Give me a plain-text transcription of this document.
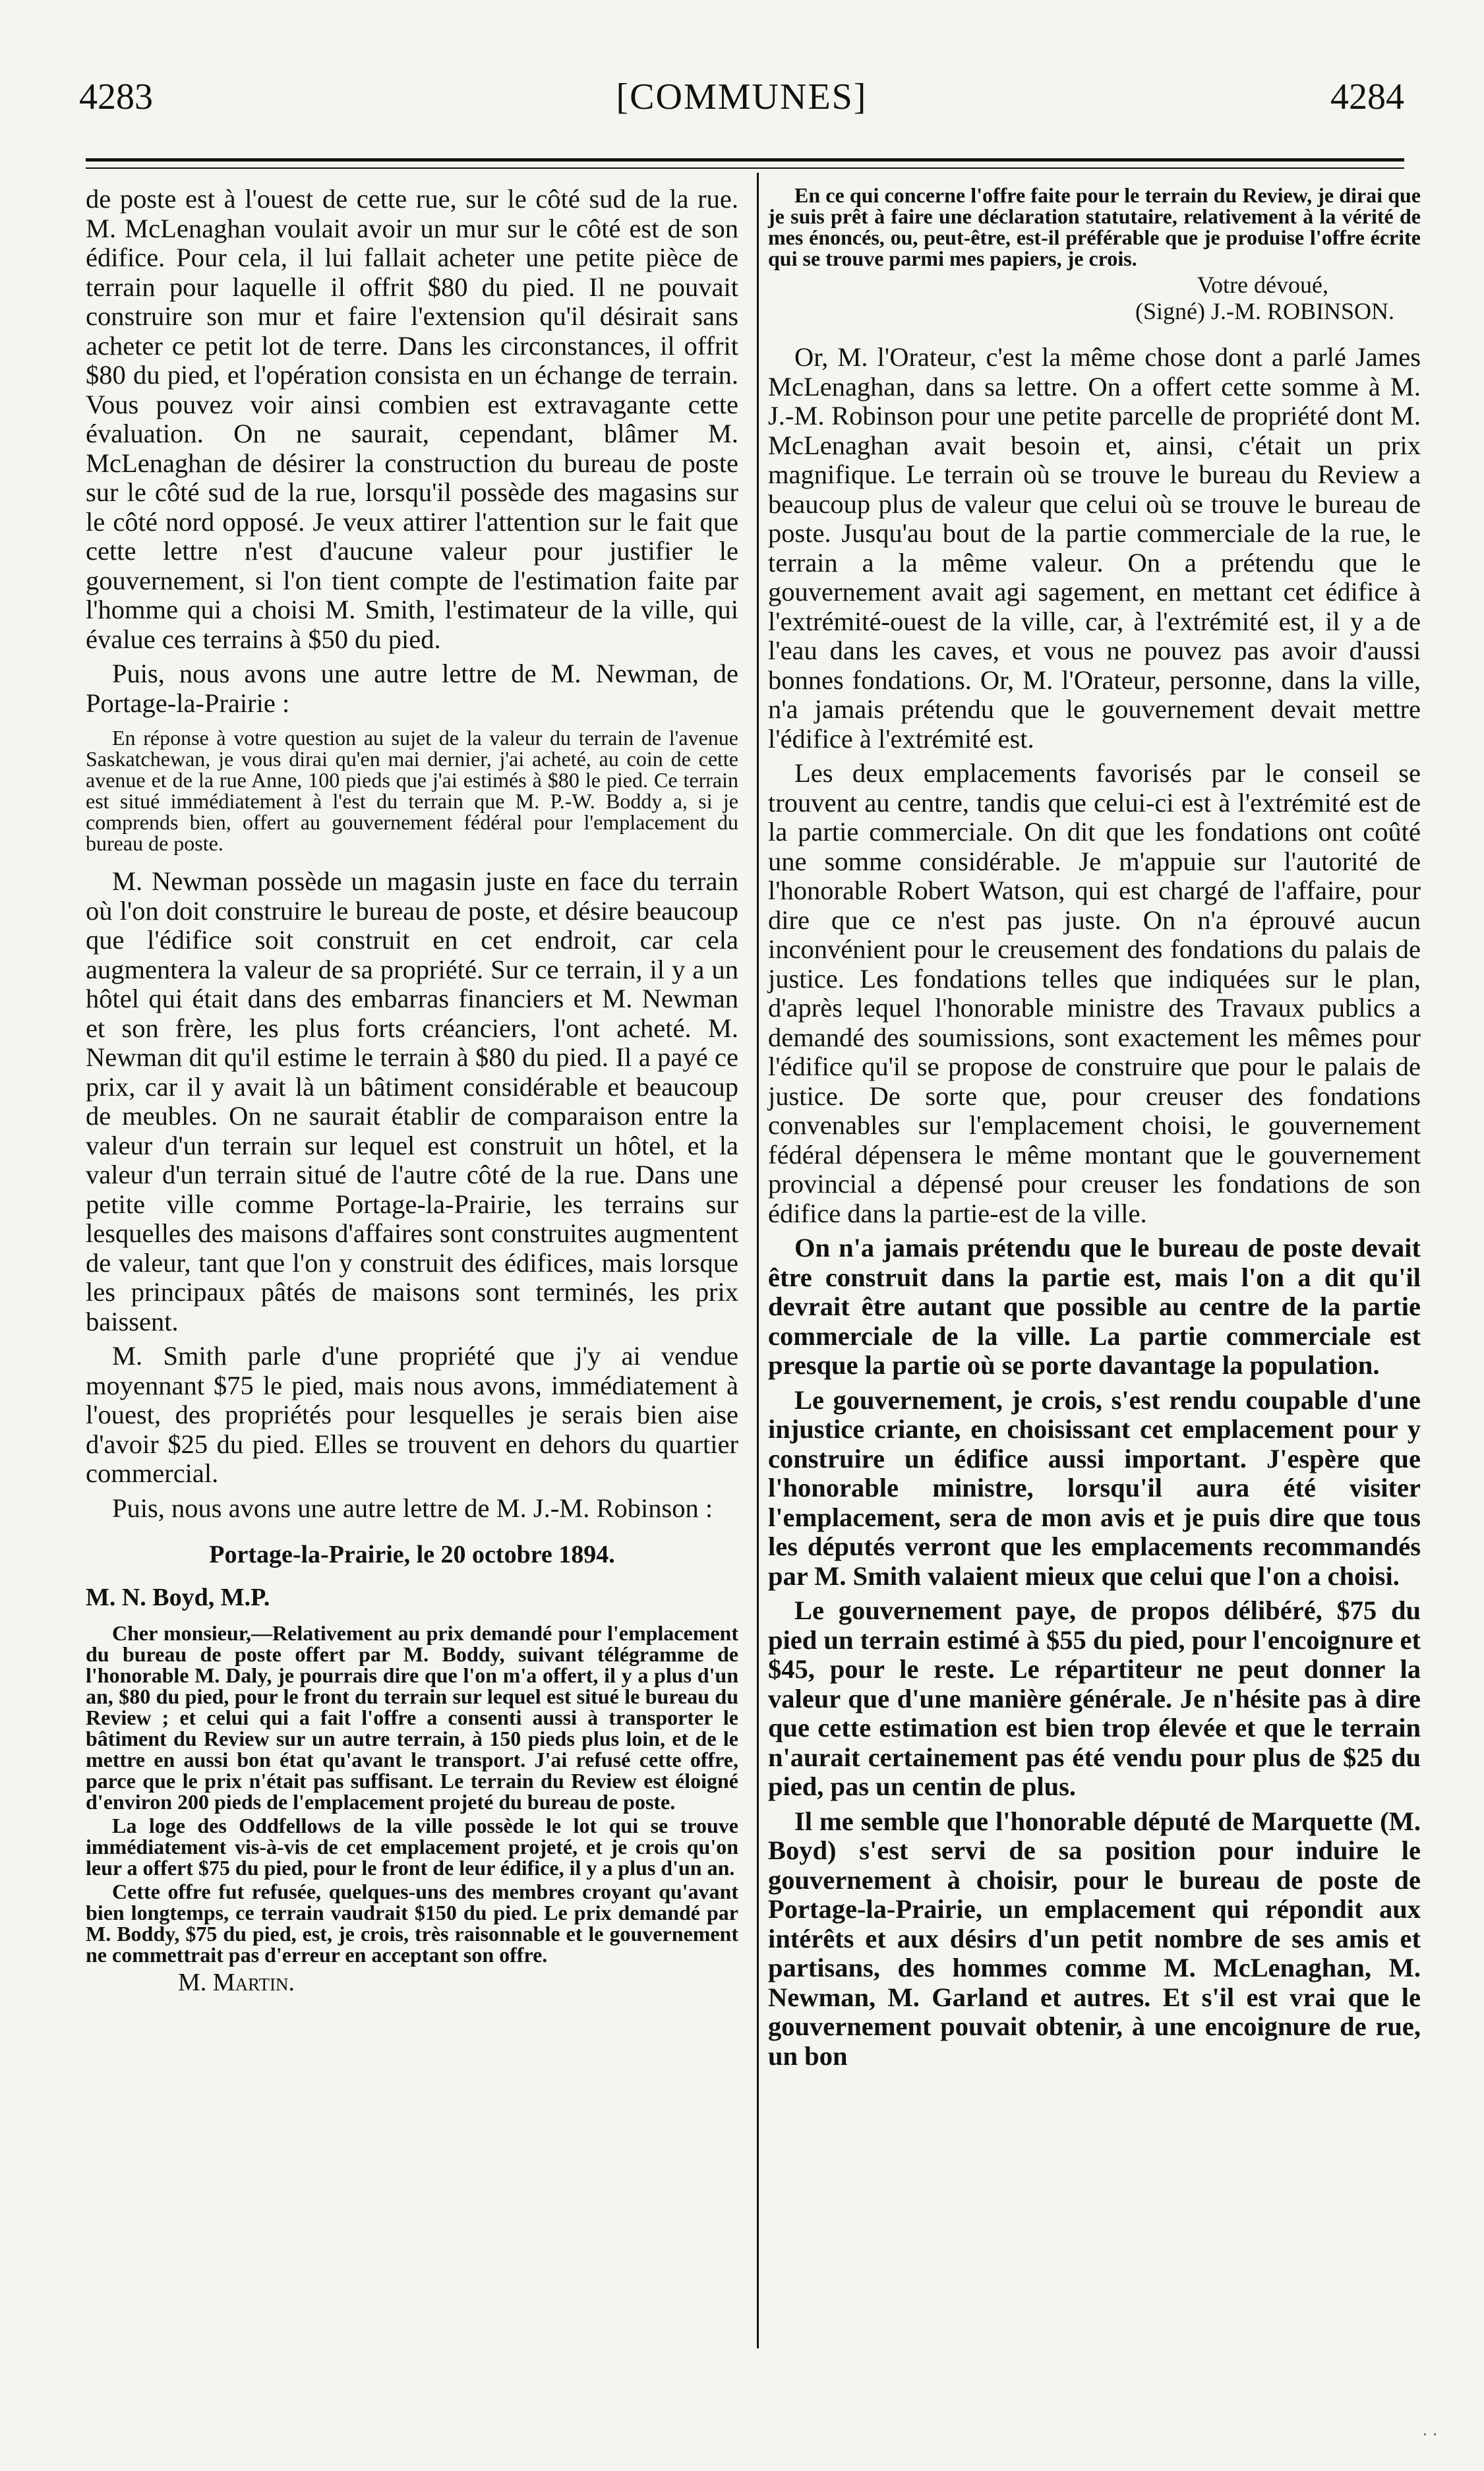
4283	[COMMUNES]	4284

de poste est à l'ouest de cette rue, sur le côté sud de la rue. M. McLenaghan voulait avoir un mur sur le côté est de son édifice. Pour cela, il lui fallait acheter une petite pièce de terrain pour laquelle il offrit $80 du pied. Il ne pouvait construire son mur et faire l'extension qu'il désirait sans acheter ce petit lot de terre. Dans les circonstances, il offrit $80 du pied, et l'opération consista en un échange de terrain. Vous pouvez voir ainsi combien est extravagante cette évaluation. On ne saurait, cependant, blâmer M. McLenaghan de désirer la construction du bureau de poste sur le côté sud de la rue, lorsqu'il possède des magasins sur le côté nord opposé. Je veux attirer l'attention sur le fait que cette lettre n'est d'aucune valeur pour justifier le gouvernement, si l'on tient compte de l'estimation faite par l'homme qui a choisi M. Smith, l'estimateur de la ville, qui évalue ces terrains à $50 du pied.

Puis, nous avons une autre lettre de M. Newman, de Portage-la-Prairie :

En réponse à votre question au sujet de la valeur du terrain de l'avenue Saskatchewan, je vous dirai qu'en mai dernier, j'ai acheté, au coin de cette avenue et de la rue Anne, 100 pieds que j'ai estimés à $80 le pied. Ce terrain est situé immédiatement à l'est du terrain que M. P.-W. Boddy a, si je comprends bien, offert au gouvernement fédéral pour l'emplacement du bureau de poste.

M. Newman possède un magasin juste en face du terrain où l'on doit construire le bureau de poste, et désire beaucoup que l'édifice soit construit en cet endroit, car cela augmentera la valeur de sa propriété. Sur ce terrain, il y a un hôtel qui était dans des embarras financiers et M. Newman et son frère, les plus forts créanciers, l'ont acheté. M. Newman dit qu'il estime le terrain à $80 du pied. Il a payé ce prix, car il y avait là un bâtiment considérable et beaucoup de meubles. On ne saurait établir de comparaison entre la valeur d'un terrain sur lequel est construit un hôtel, et la valeur d'un terrain situé de l'autre côté de la rue. Dans une petite ville comme Portage-la-Prairie, les terrains sur lesquelles des maisons d'affaires sont construites augmentent de valeur, tant que l'on y construit des édifices, mais lorsque les principaux pâtés de maisons sont terminés, les prix baissent.

M. Smith parle d'une propriété que j'y ai vendue moyennant $75 le pied, mais nous avons, immédiatement à l'ouest, des propriétés pour lesquelles je serais bien aise d'avoir $25 du pied. Elles se trouvent en dehors du quartier commercial.

Puis, nous avons une autre lettre de M. J.-M. Robinson :

Portage-la-Prairie, le 20 octobre 1894.
M. N. Boyd, M.P.
Cher monsieur,—Relativement au prix demandé pour l'emplacement du bureau de poste offert par M. Boddy, suivant télégramme de l'honorable M. Daly, je pourrais dire que l'on m'a offert, il y a plus d'un an, $80 du pied, pour le front du terrain sur lequel est situé le bureau du Review ; et celui qui a fait l'offre a consenti aussi à transporter le bâtiment du Review sur un autre terrain, à 150 pieds plus loin, et de le mettre en aussi bon état qu'avant le transport. J'ai refusé cette offre, parce que le prix n'était pas suffisant. Le terrain du Review est éloigné d'environ 200 pieds de l'emplacement projeté du bureau de poste.
La loge des Oddfellows de la ville possède le lot qui se trouve immédiatement vis-à-vis de cet emplacement projeté, et je crois qu'on leur a offert $75 du pied, pour le front de leur édifice, il y a plus d'un an.
Cette offre fut refusée, quelques-uns des membres croyant qu'avant bien longtemps, ce terrain vaudrait $150 du pied. Le prix demandé par M. Boddy, $75 du pied, est, je crois, très raisonnable et le gouvernement ne commettrait pas d'erreur en acceptant son offre.
M. Martin.
En ce qui concerne l'offre faite pour le terrain du Review, je dirai que je suis prêt à faire une déclaration statutaire, relativement à la vérité de mes énoncés, ou, peut-être, est-il préférable que je produise l'offre écrite qui se trouve parmi mes papiers, je crois.
Votre dévoué,
(Signé) J.-M. ROBINSON.

Or, M. l'Orateur, c'est la même chose dont a parlé James McLenaghan, dans sa lettre. On a offert cette somme à M. J.-M. Robinson pour une petite parcelle de propriété dont M. McLenaghan avait besoin et, ainsi, c'était un prix magnifique. Le terrain où se trouve le bureau du Review a beaucoup plus de valeur que celui où se trouve le bureau de poste. Jusqu'au bout de la partie commerciale de la rue, le terrain a la même valeur. On a prétendu que le gouvernement avait agi sagement, en mettant cet édifice à l'extrémité-ouest de la ville, car, à l'extrémité est, il y a de l'eau dans les caves, et vous ne pouvez pas avoir d'aussi bonnes fondations. Or, M. l'Orateur, personne, dans la ville, n'a jamais prétendu que le gouvernement devait mettre l'édifice à l'extrémité est.

Les deux emplacements favorisés par le conseil se trouvent au centre, tandis que celui-ci est à l'extrémité est de la partie commerciale. On dit que les fondations ont coûté une somme considérable. Je m'appuie sur l'autorité de l'honorable Robert Watson, qui est chargé de l'affaire, pour dire que ce n'est pas juste. On n'a éprouvé aucun inconvénient pour le creusement des fondations du palais de justice. Les fondations telles que indiquées sur le plan, d'après lequel l'honorable ministre des Travaux publics a demandé des soumissions, sont exactement les mêmes pour l'édifice qu'il se propose de construire que pour le palais de justice. De sorte que, pour creuser des fondations convenables sur l'emplacement choisi, le gouvernement fédéral dépensera le même montant que le gouvernement provincial a dépensé pour creuser les fondations de son édifice dans la partie-est de la ville.

On n'a jamais prétendu que le bureau de poste devait être construit dans la partie est, mais l'on a dit qu'il devrait être autant que possible au centre de la partie commerciale de la ville. La partie commerciale est presque la partie où se porte davantage la population.

Le gouvernement, je crois, s'est rendu coupable d'une injustice criante, en choisissant cet emplacement pour y construire un édifice aussi important. J'espère que l'honorable ministre, lorsqu'il aura été visiter l'emplacement, sera de mon avis et je puis dire que tous les députés verront que les emplacements recommandés par M. Smith valaient mieux que celui que l'on a choisi.

Le gouvernement paye, de propos délibéré, $75 du pied un terrain estimé à $55 du pied, pour l'encoignure et $45, pour le reste. Le répartiteur ne peut donner la valeur que d'une manière générale. Je n'hésite pas à dire que cette estimation est bien trop élevée et que le terrain n'aurait certainement pas été vendu pour plus de $25 du pied, pas un centin de plus.

Il me semble que l'honorable député de Marquette (M. Boyd) s'est servi de sa position pour induire le gouvernement à choisir, pour le bureau de poste de Portage-la-Prairie, un emplacement qui répondit aux intérêts et aux désirs d'un petit nombre de ses amis et partisans, des hommes comme M. McLenaghan, M. Newman, M. Garland et autres. Et s'il est vrai que le gouvernement pouvait obtenir, à une encoignure de rue, un bon

· ·
